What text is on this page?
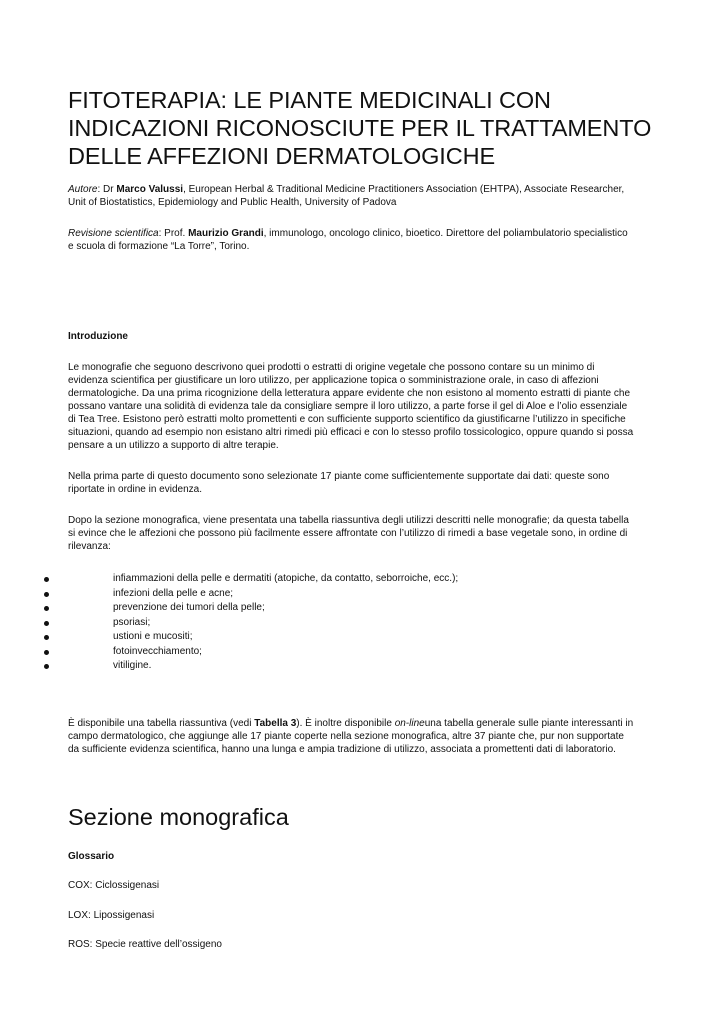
FITOTERAPIA: LE PIANTE MEDICINALI CON
INDICAZIONI RICONOSCIUTE PER IL TRATTAMENTO
DELLE AFFEZIONI DERMATOLOGICHE

Autore: Dr Marco Valussi, European Herbal & Traditional Medicine Practitioners Association (EHTPA), Associate Researcher,
Unit of Biostatistics, Epidemiology and Public Health, University of Padova

Revisione scientifica: Prof. Maurizio Grandi, immunologo, oncologo clinico, bioetico. Direttore del poliambulatorio specialistico
e scuola di formazione “La Torre”, Torino.

Introduzione

Le monografie che seguono descrivono quei prodotti o estratti di origine vegetale che possono contare su un minimo di
evidenza scientifica per giustificare un loro utilizzo, per applicazione topica o somministrazione orale, in caso di affezioni
dermatologiche. Da una prima ricognizione della letteratura appare evidente che non esistono al momento estratti di piante che
possano vantare una solidità di evidenza tale da consigliare sempre il loro utilizzo, a parte forse il gel di Aloe e l’olio essenziale
di Tea Tree. Esistono però estratti molto promettenti e con sufficiente supporto scientifico da giustificarne l’utilizzo in specifiche
situazioni, quando ad esempio non esistano altri rimedi più efficaci e con lo stesso profilo tossicologico, oppure quando si possa
pensare a un utilizzo a supporto di altre terapie.

Nella prima parte di questo documento sono selezionate 17 piante come sufficientemente supportate dai dati: queste sono
riportate in ordine in evidenza.

Dopo la sezione monografica, viene presentata una tabella riassuntiva degli utilizzi descritti nelle monografie; da questa tabella
si evince che le affezioni che possono più facilmente essere affrontate con l’utilizzo di rimedi a base vegetale sono, in ordine di
rilevanza:

infiammazioni della pelle e dermatiti (atopiche, da contatto, seborroiche, ecc.);
infezioni della pelle e acne;
prevenzione dei tumori della pelle;
psoriasi;
ustioni e mucositi;
fotoinvecchiamento;
vitiligine.

È disponibile una tabella riassuntiva (vedi Tabella 3). È inoltre disponibile on-lineuna tabella generale sulle piante interessanti in
campo dermatologico, che aggiunge alle 17 piante coperte nella sezione monografica, altre 37 piante che, pur non supportate
da sufficiente evidenza scientifica, hanno una lunga e ampia tradizione di utilizzo, associata a promettenti dati di laboratorio.

Sezione monografica

Glossario

COX: Ciclossigenasi

LOX: Lipossigenasi

ROS: Specie reattive dell’ossigeno
